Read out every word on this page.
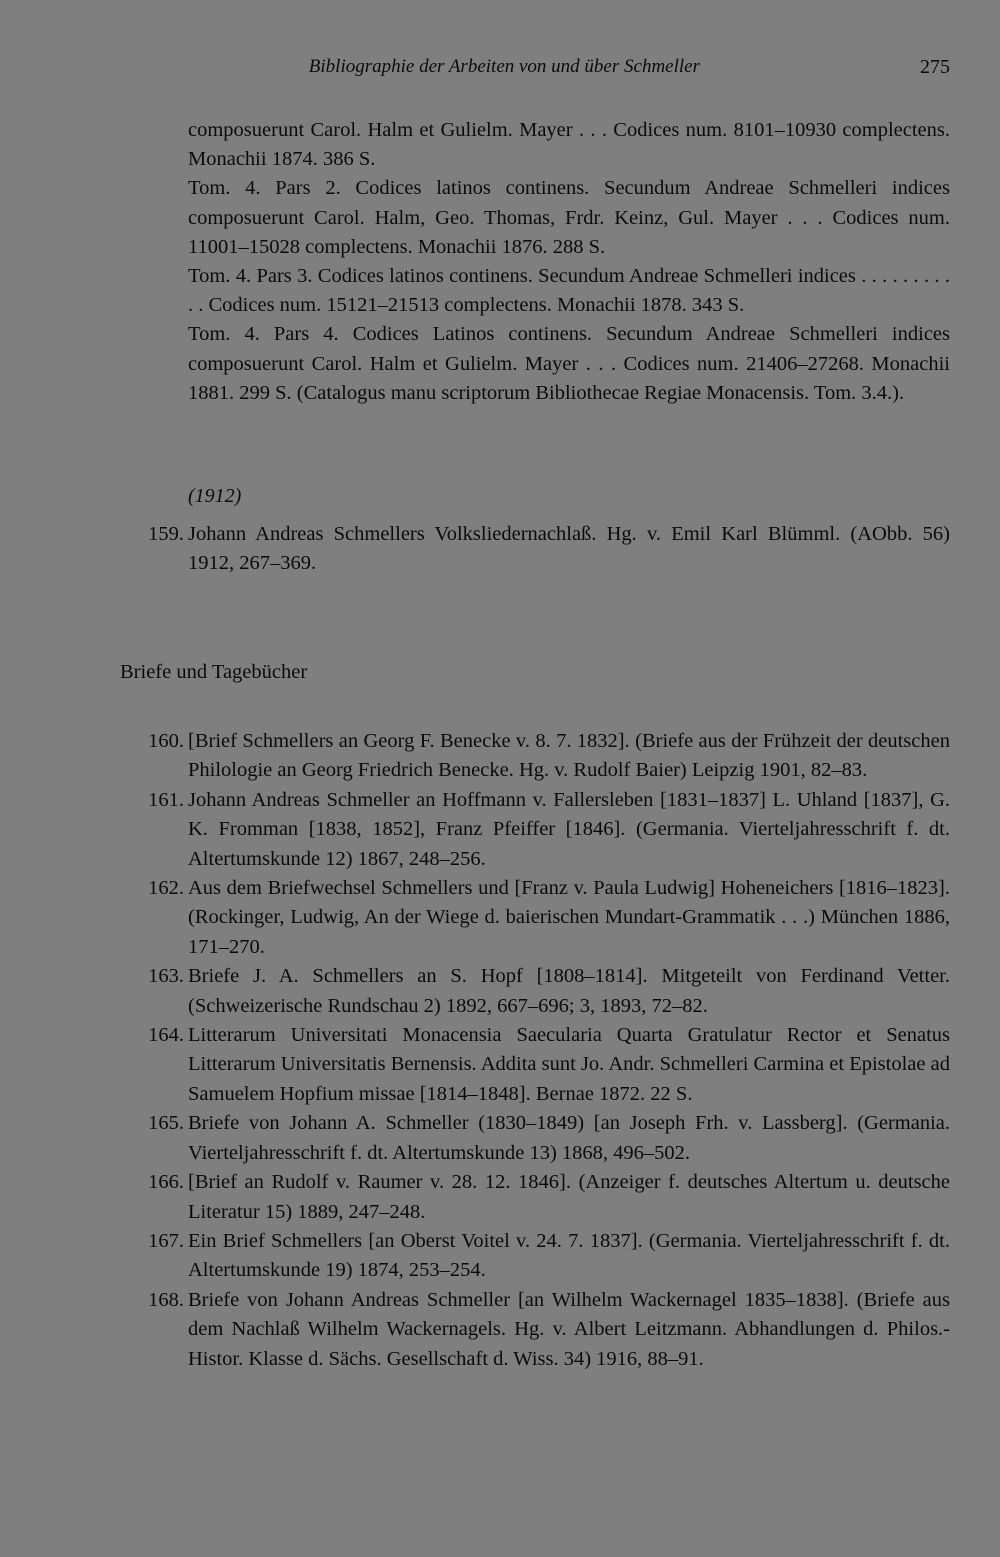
Bibliographie der Arbeiten von und über Schmeller	275

composuerunt Carol. Halm et Gulielm. Mayer . . . Codices num. 8101–10930 complectens. Monachii 1874. 386 S.

Tom. 4. Pars 2. Codices latinos continens. Secundum Andreae Schmelleri indices composuerunt Carol. Halm, Geo. Thomas, Frdr. Keinz, Gul. Mayer . . . Codices num. 11001–15028 complectens. Monachii 1876. 288 S.

Tom. 4. Pars 3. Codices latinos continens. Secundum Andreae Schmelleri indices . . . . . . . . . . . Codices num. 15121–21513 complectens. Monachii 1878. 343 S.

Tom. 4. Pars 4. Codices Latinos continens. Secundum Andreae Schmelleri indices composuerunt Carol. Halm et Gulielm. Mayer . . . Codices num. 21406–27268. Monachii 1881. 299 S. (Catalogus manu scriptorum Bibliothecae Regiae Monacensis. Tom. 3.4.).

(1912)
159. Johann Andreas Schmellers Volksliedernachlaß. Hg. v. Emil Karl Blümml. (AObb. 56) 1912, 267–369.
Briefe und Tagebücher
160. [Brief Schmellers an Georg F. Benecke v. 8. 7. 1832]. (Briefe aus der Frühzeit der deutschen Philologie an Georg Friedrich Benecke. Hg. v. Rudolf Baier) Leipzig 1901, 82–83.
161. Johann Andreas Schmeller an Hoffmann v. Fallersleben [1831–1837] L. Uhland [1837], G. K. Fromman [1838, 1852], Franz Pfeiffer [1846]. (Germania. Vierteljahresschrift f. dt. Altertumskunde 12) 1867, 248–256.
162. Aus dem Briefwechsel Schmellers und [Franz v. Paula Ludwig] Hoheneichers [1816–1823]. (Rockinger, Ludwig, An der Wiege d. baierischen Mundart-Grammatik . . .) München 1886, 171–270.
163. Briefe J. A. Schmellers an S. Hopf [1808–1814]. Mitgeteilt von Ferdinand Vetter. (Schweizerische Rundschau 2) 1892, 667–696; 3, 1893, 72–82.
164. Litterarum Universitati Monacensia Saecularia Quarta Gratulatur Rector et Senatus Litterarum Universitatis Bernensis. Addita sunt Jo. Andr. Schmelleri Carmina et Epistolae ad Samuelem Hopfium missae [1814–1848]. Bernae 1872. 22 S.
165. Briefe von Johann A. Schmeller (1830–1849) [an Joseph Frh. v. Lassberg]. (Germania. Vierteljahresschrift f. dt. Altertumskunde 13) 1868, 496–502.
166. [Brief an Rudolf v. Raumer v. 28. 12. 1846]. (Anzeiger f. deutsches Altertum u. deutsche Literatur 15) 1889, 247–248.
167. Ein Brief Schmellers [an Oberst Voitel v. 24. 7. 1837]. (Germania. Vierteljahresschrift f. dt. Altertumskunde 19) 1874, 253–254.
168. Briefe von Johann Andreas Schmeller [an Wilhelm Wackernagel 1835–1838]. (Briefe aus dem Nachlaß Wilhelm Wackernagels. Hg. v. Albert Leitzmann. Abhandlungen d. Philos.-Histor. Klasse d. Sächs. Gesellschaft d. Wiss. 34) 1916, 88–91.
